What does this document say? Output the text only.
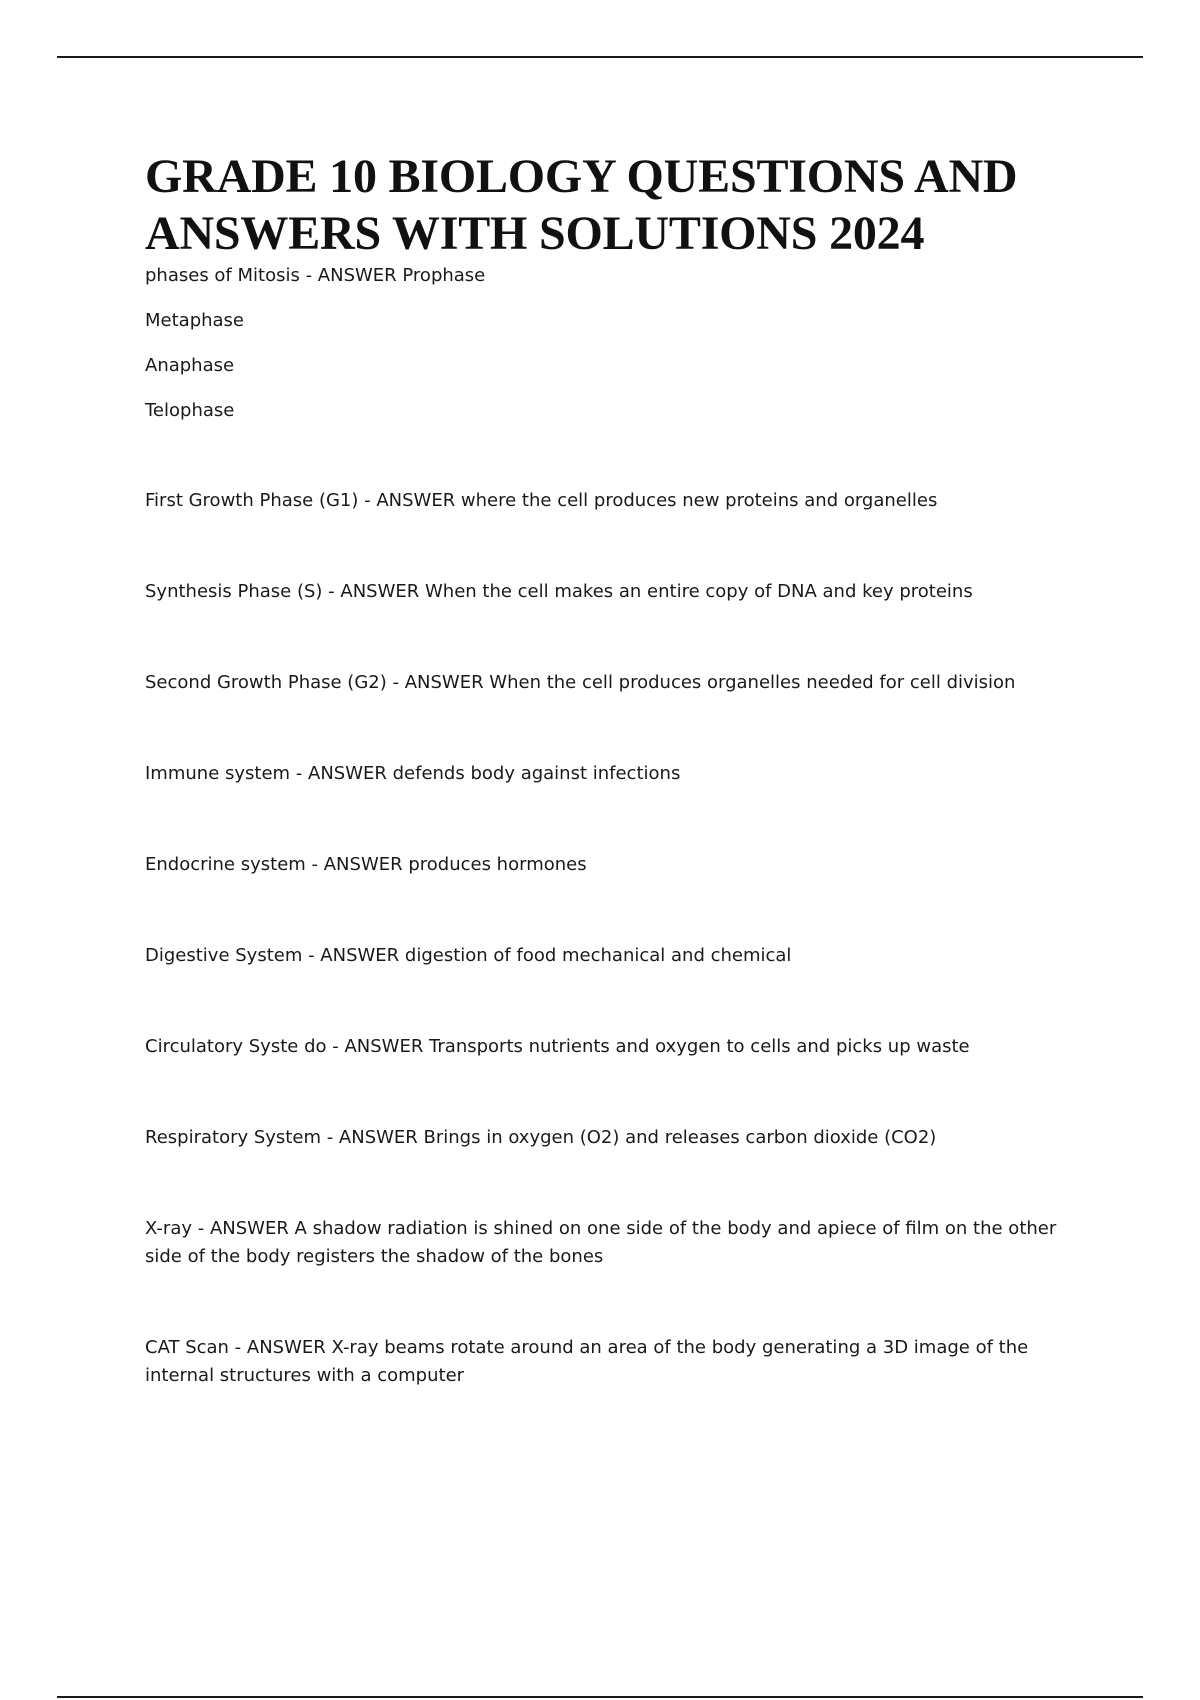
GRADE 10 BIOLOGY QUESTIONS AND ANSWERS WITH SOLUTIONS 2024

phases of Mitosis - ANSWER Prophase

Metaphase

Anaphase

Telophase

First Growth Phase (G1) - ANSWER where the cell produces new proteins and organelles

Synthesis Phase (S) - ANSWER When the cell makes an entire copy of DNA and key proteins

Second Growth Phase (G2) - ANSWER When the cell produces organelles needed for cell division

Immune system - ANSWER defends body against infections

Endocrine system - ANSWER produces hormones

Digestive System - ANSWER digestion of food mechanical and chemical

Circulatory Syste do - ANSWER Transports nutrients and oxygen to cells and picks up waste

Respiratory System - ANSWER Brings in oxygen (O2) and releases carbon dioxide (CO2)

X-ray - ANSWER A shadow radiation is shined on one side of the body and apiece of film on the other side of the body registers the shadow of the bones

CAT Scan - ANSWER X-ray beams rotate around an area of the body generating a 3D image of the internal structures with a computer
